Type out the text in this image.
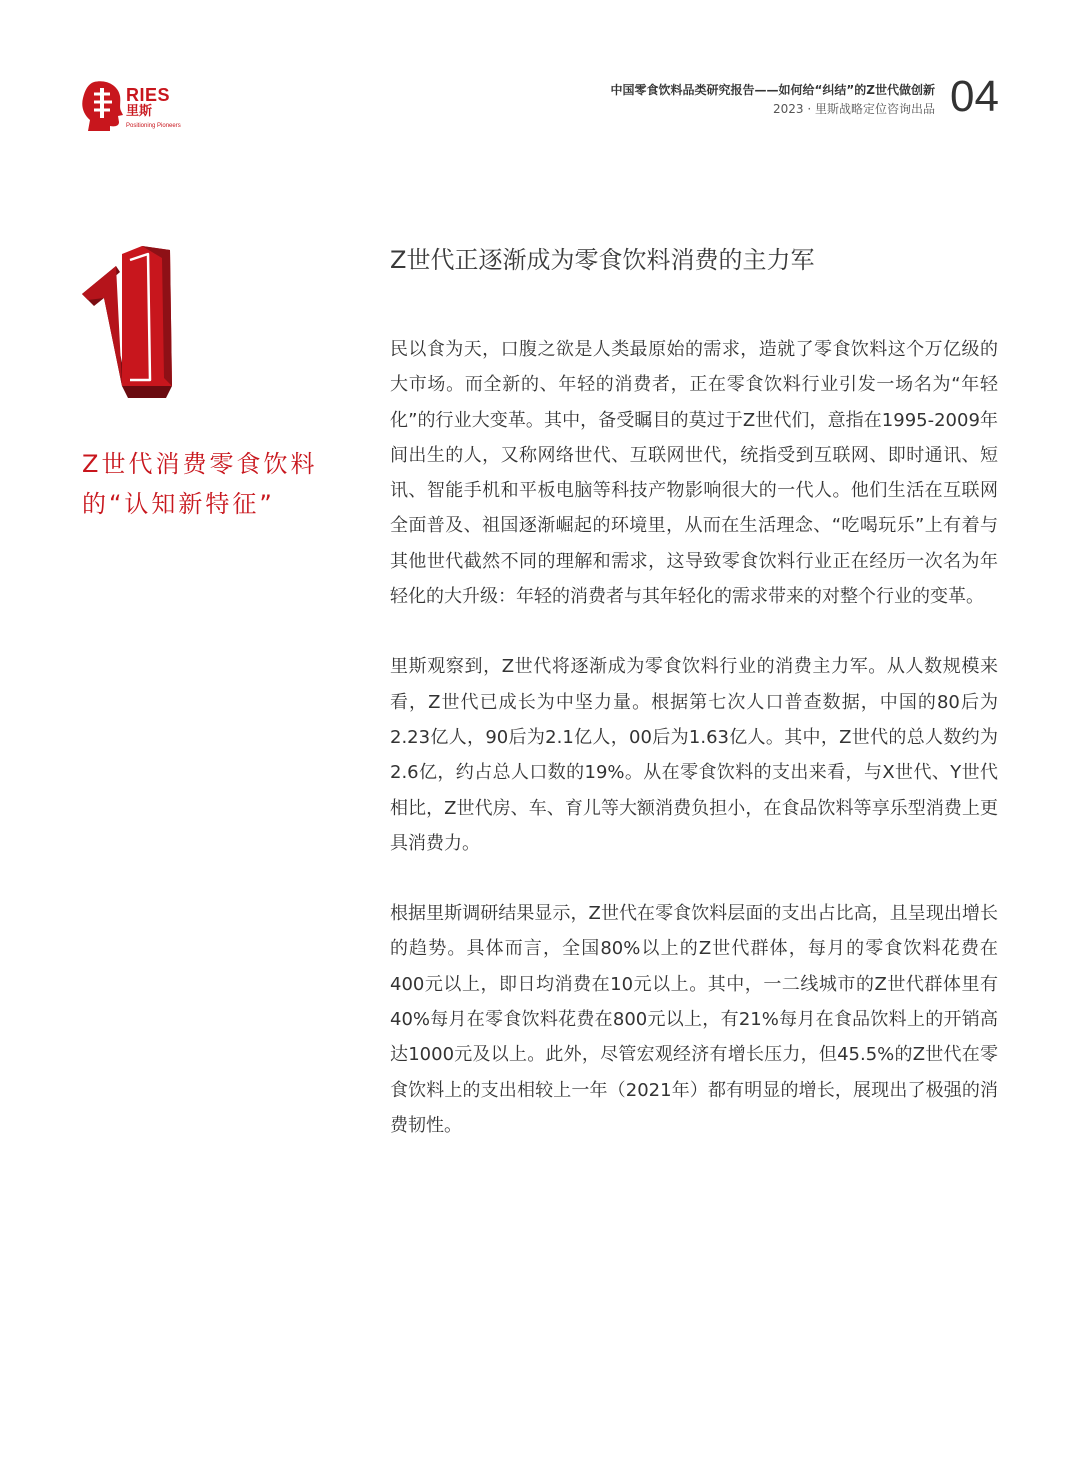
RIES
里斯
Positioning Pioneers
中国零食饮料品类研究报告——如何给“纠结”的Z世代做创新
2023 · 里斯战略定位咨询出品 04
Z世代消费零食饮料
的“认知新特征”
Z世代正逐渐成为零食饮料消费的主力军

民以食为天，口腹之欲是人类最原始的需求，造就了零食饮料这个万亿级的大市场。而全新的、年轻的消费者，正在零食饮料行业引发一场名为“年轻化”的行业大变革。其中，备受瞩目的莫过于Z世代们，意指在1995-2009年间出生的人，又称网络世代、互联网世代，统指受到互联网、即时通讯、短讯、智能手机和平板电脑等科技产物影响很大的一代人。他们生活在互联网全面普及、祖国逐渐崛起的环境里，从而在生活理念、“吃喝玩乐”上有着与其他世代截然不同的理解和需求，这导致零食饮料行业正在经历一次名为年轻化的大升级：年轻的消费者与其年轻化的需求带来的对整个行业的变革。

里斯观察到，Z世代将逐渐成为零食饮料行业的消费主力军。从人数规模来看，Z世代已成长为中坚力量。根据第七次人口普查数据，中国的80后为2.23亿人，90后为2.1亿人，00后为1.63亿人。其中，Z世代的总人数约为2.6亿，约占总人口数的19%。从在零食饮料的支出来看，与X世代、Y世代相比，Z世代房、车、育儿等大额消费负担小，在食品饮料等享乐型消费上更具消费力。

根据里斯调研结果显示，Z世代在零食饮料层面的支出占比高，且呈现出增长的趋势。具体而言，全国80%以上的Z世代群体，每月的零食饮料花费在400元以上，即日均消费在10元以上。其中，一二线城市的Z世代群体里有40%每月在零食饮料花费在800元以上，有21%每月在食品饮料上的开销高达1000元及以上。此外，尽管宏观经济有增长压力，但45.5%的Z世代在零食饮料上的支出相较上一年（2021年）都有明显的增长，展现出了极强的消费韧性。
